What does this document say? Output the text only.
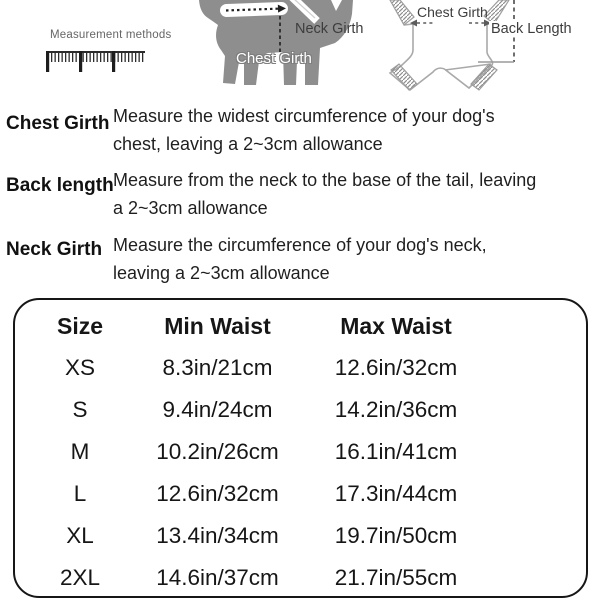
Measurement methods	Neck Girth
Chest Girth
Chest Girth
Back Length
Chest Girth Measure the widest circumference of your dog's
chest, leaving a 2~3cm allowance
Back length Measure from the neck to the base of the tail, leaving
a 2~3cm allowance
Neck Girth Measure the circumference of your dog's neck,
leaving a 2~3cm allowance
Size	Min Waist	Max Waist
XS	8.3in/21cm	12.6in/32cm
S	9.4in/24cm	14.2in/36cm
M	10.2in/26cm	16.1in/41cm
L	12.6in/32cm	17.3in/44cm
XL	13.4in/34cm	19.7in/50cm
2XL	14.6in/37cm	21.7in/55cm
